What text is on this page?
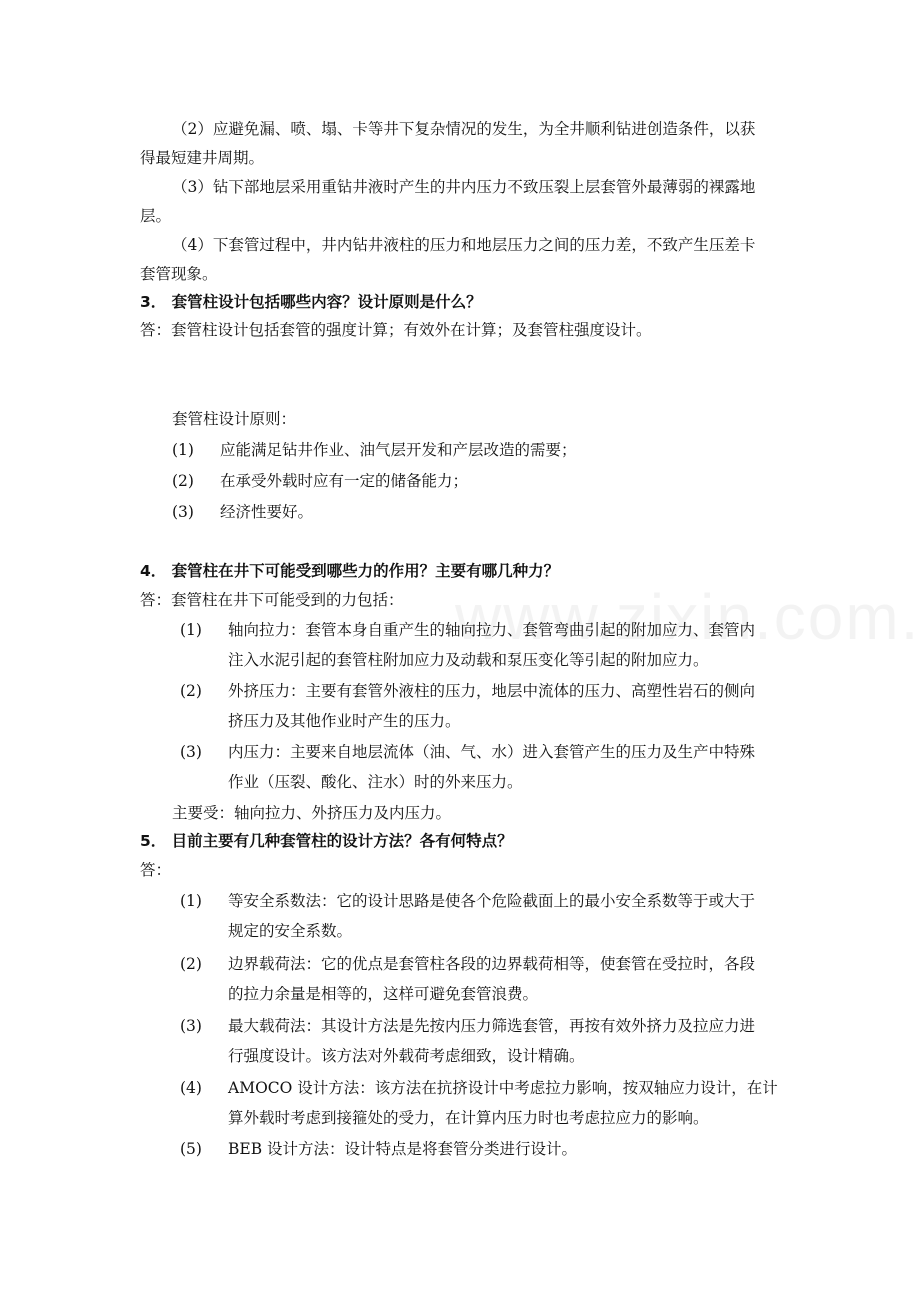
（2）应避免漏、喷、塌、卡等井下复杂情况的发生，为全井顺利钻进创造条件，以获
得最短建井周期。
（3）钻下部地层采用重钻井液时产生的井内压力不致压裂上层套管外最薄弱的裸露地
层。
（4）下套管过程中，井内钻井液柱的压力和地层压力之间的压力差，不致产生压差卡
套管现象。
3． 套管柱设计包括哪些内容？设计原则是什么？
答：套管柱设计包括套管的强度计算；有效外在计算；及套管柱强度设计。
套管柱设计原则：
(1) 应能满足钻井作业、油气层开发和产层改造的需要；
(2) 在承受外载时应有一定的储备能力；
(3) 经济性要好。
4． 套管柱在井下可能受到哪些力的作用？主要有哪几种力？
答：套管柱在井下可能受到的力包括：
(1) 轴向拉力：套管本身自重产生的轴向拉力、套管弯曲引起的附加应力、套管内
注入水泥引起的套管柱附加应力及动载和泵压变化等引起的附加应力。
(2) 外挤压力：主要有套管外液柱的压力，地层中流体的压力、高塑性岩石的侧向
挤压力及其他作业时产生的压力。
(3) 内压力：主要来自地层流体（油、气、水）进入套管产生的压力及生产中特殊
作业（压裂、酸化、注水）时的外来压力。
主要受：轴向拉力、外挤压力及内压力。
5． 目前主要有几种套管柱的设计方法？各有何特点？
答：
(1) 等安全系数法：它的设计思路是使各个危险截面上的最小安全系数等于或大于
规定的安全系数。
(2) 边界载荷法：它的优点是套管柱各段的边界载荷相等，使套管在受拉时，各段
的拉力余量是相等的，这样可避免套管浪费。
(3) 最大载荷法：其设计方法是先按内压力筛选套管，再按有效外挤力及拉应力进
行强度设计。该方法对外载荷考虑细致，设计精确。
(4) AMOCO 设计方法：该方法在抗挤设计中考虑拉力影响，按双轴应力设计，在计
算外载时考虑到接箍处的受力，在计算内压力时也考虑拉应力的影响。
(5) BEB 设计方法：设计特点是将套管分类进行设计。
